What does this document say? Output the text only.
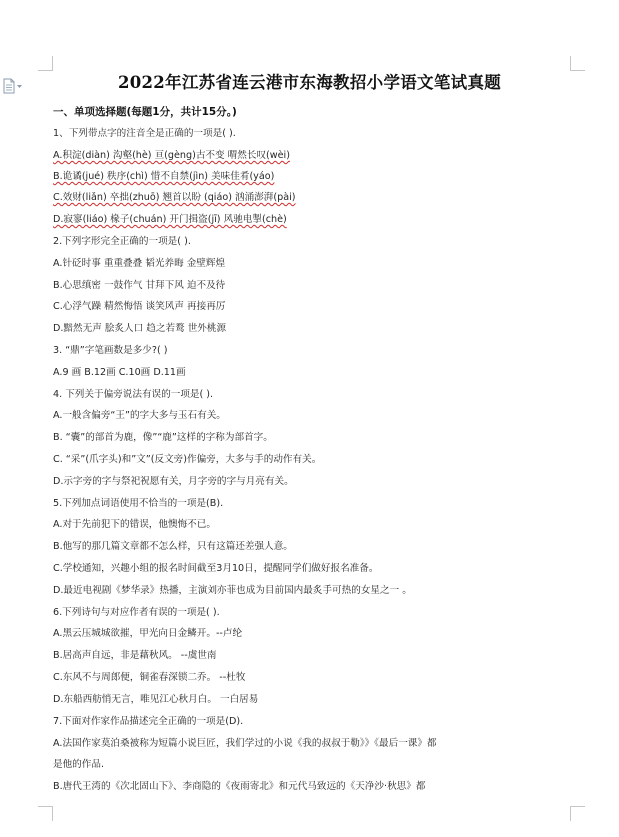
2022年江苏省连云港市东海教招小学语文笔试真题
一、单项选择题(每题1分，共计15分。)
1、下列带点字的注音全是正确的一项是( ).
A.积淀(diàn) 沟壑(hè) 亘(gèng)古不变 喟然长叹(wèi)
B.诡谲(jué) 秩序(chì) 惜不自禁(jìn) 美味佳肴(yáo)
C.效财(liǎn) 卒拙(zhuō) 翘首以盼 (qiáo) 汹涌澎湃(pài)
D.寂寥(liáo) 椽子(chuán) 开门揖盗(jī) 风驰电掣(chè)
2.下列字形完全正确的一项是( ).
A.针砭时事 重重叠叠 韬光养晦 金壁辉煌
B.心思缜密 一鼓作气 甘拜下风 迫不及待
C.心浮气躁 精然悔悟 谈笑风声 再接再厉
D.黯然无声 脍炙人口 趋之若鹜 世外桃源
3. “鼎”字笔画数是多少?( )
A.9 画 B.12画 C.10画 D.11画
4. 下列关于偏旁说法有误的一项是( ).
A.一般含偏旁“王”的字大多与玉石有关。
B. “囊”的部首为鹿，像”“鹿”这样的字称为部首字。
C. “采”(爪字头)和”文”(反文旁)作偏旁，大多与手的动作有关。
D.示字旁的字与祭祀祝愿有关，月字旁的字与月亮有关。
5.下列加点词语使用不恰当的一项是(B).
A.对于先前犯下的错误，他懊悔不已。
B.他写的那几篇文章都不怎么样，只有这篇还差强人意。
C.学校通知，兴趣小组的报名时间截至3月10日，提醒同学们做好报名准备。
D.最近电视剧《梦华录》热播，主演刘亦菲也成为目前国内最炙手可热的女星之一 。
6.下列诗句与对应作者有误的一项是( ).
A.黑云压城城欲摧，甲光向日金鳞开。--卢纶
B.居高声自远，非是藉秋风。 --虞世南
C.东风不与周郎便，铜雀春深锁二乔。 --杜牧
D.东船西舫悄无言，唯见江心秋月白。 一白居易
7.下面对作家作品描述完全正确的一项是(D).
A.法国作家莫泊桑被称为短篇小说巨匠，我们学过的小说《我的叔叔于勒》》《最后一课》都
是他的作品.
B.唐代王湾的《次北固山下》、李商隐的《夜雨寄北》和元代马致远的《天净沙·秋思》都
